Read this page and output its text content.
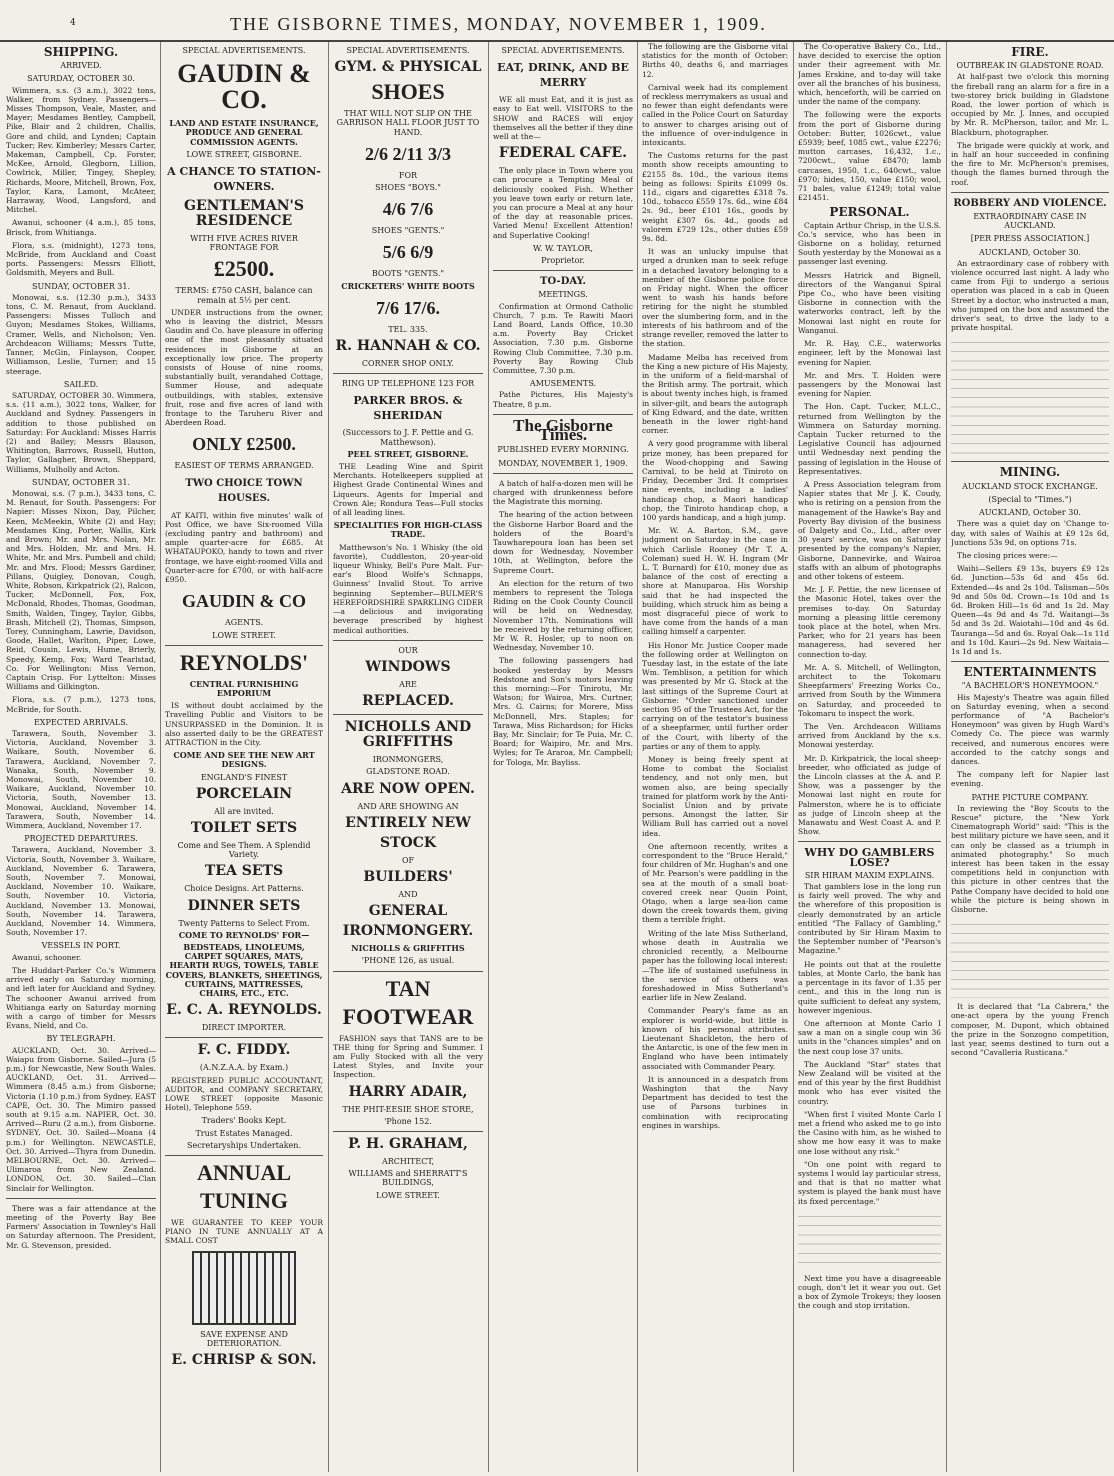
4	THE GISBORNE TIMES, MONDAY, NOVEMBER 1, 1909.
SHIPPING.
ARRIVED.
SATURDAY, OCTOBER 30.

Wimmera, s.s. (3 a.m.), 3022 tons, Walker, from Sydney. Passengers—Misses Thompson, Veale, Master, and Mayer; Mesdames Bentley, Campbell, Pike, Blair and 2 children, Challis, Gore and child, and Lynden; Captain Tucker; Rev. Kimberley; Messrs Carter, Makeman, Campbell, Cp. Forster, McKee, Arnold, Glegborn, Lillion, Cowlrick, Miller, Tingey, Shepley, Richards, Moore, Mitchell, Brown, Fox, Taylor, Kara, Lamont, McAteer, Harraway, Wood, Langsford, and Mitchel.

Awanui, schooner (4 a.m.), 85 tons, Brisck, from Whitianga.

Flora, s.s. (midnight), 1273 tons, McBride, from Auckland and Coast ports. Passengers: Messrs Elliott, Goldsmith, Meyers and Bull.

SUNDAY, OCTOBER 31.

Monowai, s.s. (12.30 p.m.), 3433 tons, C. M. Renaut, from Auckland. Passengers: Misses Tulloch and Guyon; Mesdames Stokes, Williams, Cramer, Wells, and Nicholson; Ven. Archdeacon Williams; Messrs Tutte, Tanner, McGin, Finlayson, Cooper, Williamson, Leslie, Turner; and 15 steerage.

SAILED.

SATURDAY, OCTOBER 30. Wimmera, s.s. (11 a.m.), 3022 tons, Walker, for Auckland and Sydney. Passengers in addition to those published on Saturday: For Auckland: Misses Harris (2) and Bailey; Messrs Blauson, Whitington, Barrows, Russell, Hutton, Taylor, Gallagher, Brown, Sheppard, Williams, Mulholly and Acton.

SUNDAY, OCTOBER 31.

Monowai, s.s. (7 p.m.), 3433 tons, C. M. Renaut, for South. Passengers: For Napier: Misses Nixon, Day, Pilcher, Keen, McMeekin, White (2) and Hay; Mesdames King, Porter, Wallis, Kirk and Brown; Mr. and Mrs. Nolan, Mr. and Mrs. Holden, Mr. and Mrs. H. White, Mr. and Mrs. Pumbell and child; Mr. and Mrs. Flood; Messrs Gardiner, Pillans, Quigley, Donovan, Cough, White, Robson, Kirkpatrick (2), Ralcon, Tucker, McDonnell, Fox, Fox, McDonald, Rhodes, Thomas, Goodman, Smith, Walden, Tingey, Taylor, Gibbs, Brash, Mitchell (2), Thomas, Simpson, Torey, Cunningham, Lawrie, Davidson, Goode, Hallet, Warlton, Piper, Lowe, Reid, Cousin, Lewis, Hume, Brierly, Speedy, Kemp, Fox; Ward Tearlstad, Co. For Wellington: Miss Vernon, Captain Crisp. For Lyttelton: Misses Williams and Gilkington.

Flora, s.s. (7 p.m.), 1273 tons, McBride, for South.

EXPECTED ARRIVALS.

Tarawera, South, November 3. Victoria, Auckland, November 3. Waikare, South, November 6. Tarawera, Auckland, November 7. Wanaka, South, November 9. Monowai, South, November 10. Waikare, Auckland, November 10. Victoria, South, November 13. Monowai, Auckland, November 14. Tarawera, South, November 14. Wimmera, Auckland, November 17.

PROJECTED DEPARTURES.

Tarawera, Auckland, November 3. Victoria, South, November 3. Waikare, Auckland, November 6. Tarawera, South, November 7. Monowai, Auckland, November 10. Waikare, South, November 10. Victoria, Auckland, November 13. Monowai, South, November 14. Tarawera, Auckland, November 14. Wimmera, South, November 17.

VESSELS IN PORT.

Awanui, schooner.

The Huddart-Parker Co.'s Wimmera arrived early on Saturday morning, and left later for Auckland and Sydney. The schooner Awanui arrived from Whitianga early on Saturday morning with a cargo of timber for Messrs Evans, Nield, and Co.

BY TELEGRAPH.

AUCKLAND, Oct. 30. Arrived—Waiapu from Gisborne. Sailed—Jura (5 p.m.) for Newcastle, New South Wales. AUCKLAND, Oct. 31. Arrived—Wimmera (8.45 a.m.) from Gisborne; Victoria (1.10 p.m.) from Sydney. EAST CAPE, Oct. 30. The Mimiro passed south at 9.15 a.m. NAPIER, Oct. 30. Arrived—Ruru (2 a.m.), from Gisborne. SYDNEY, Oct. 30. Sailed—Moana (4 p.m.) for Wellington. NEWCASTLE, Oct. 30. Arrived—Thyra from Dunedin. MELBOURNE, Oct. 30. Arrived—Ulimaroa from New Zealand. LONDON, Oct. 30. Sailed—Clan Sinclair for Wellington.

There was a fair attendance at the meeting of the Poverty Bay Bee Farmers' Association in Townley's Hall on Saturday afternoon. The President, Mr. G. Stevenson, presided.

SPECIAL ADVERTISEMENTS.
GAUDIN & CO.
LAND AND ESTATE INSURANCE, PRODUCE AND GENERAL COMMISSION AGENTS.
LOWE STREET, GISBORNE.
A CHANCE TO STATION-OWNERS.
GENTLEMAN'S RESIDENCE
WITH FIVE ACRES RIVER FRONTAGE FOR
£2500.
TERMS: £750 CASH, balance can remain at 5½ per cent.

UNDER instructions from the owner, who is leaving the district, Messrs Gaudin and Co. have pleasure in offering one of the most pleasantly situated residences in Gisborne at an exceptionally low price. The property consists of House of nine rooms, substantially built, verandahed Cottage, Summer House, and adequate outbuildings, with stables, extensive fruit, rose and five acres of land with frontage to the Taruheru River and Aberdeen Road.

ONLY £2500.
EASIEST OF TERMS ARRANGED.
TWO CHOICE TOWN HOUSES.

AT KAITI, within five minutes' walk of Post Office, we have Six-roomed Villa (excluding pantry and bathroom) and ample quarter-acre for £685. At WHATAUPOKO, handy to town and river frontage, we have eight-roomed Villa and Quarter-acre for £700, or with half-acre £950.

GAUDIN & CO
AGENTS.
LOWE STREET.
REYNOLDS'
CENTRAL FURNISHING EMPORIUM

IS without doubt acclaimed by the Travelling Public and Visitors to be UNSURPASSED in the Dominion. It is also asserted daily to be the GREATEST ATTRACTION in the City.

COME AND SEE THE NEW ART DESIGNS.
ENGLAND'S FINEST
PORCELAIN
All are invited.
TOILET SETS
Come and See Them. A Splendid Variety.
TEA SETS
Choice Designs. Art Patterns.
DINNER SETS
Twenty Patterns to Select From.
COME TO REYNOLDS' FOR—
BEDSTEADS, LINOLEUMS, CARPET SQUARES, MATS, HEARTH RUGS, TOWELS, TABLE COVERS, BLANKETS, SHEETINGS, CURTAINS, MATTRESSES, CHAIRS, ETC., ETC.
E. C. A. REYNOLDS.
DIRECT IMPORTER.
F. C. FIDDY.
(A.N.Z.A.A. by Exam.)

REGISTERED PUBLIC ACCOUNTANT, AUDITOR, and COMPANY SECRETARY, LOWE STREET (opposite Masonic Hotel), Telephone 559.

Traders' Books Kept.
Trust Estates Managed.
Secretaryships Undertaken.
ANNUAL
TUNING

WE GUARANTEE TO KEEP YOUR PIANO IN TUNE ANNUALLY AT A SMALL COST

SAVE EXPENSE AND DETERIORATION.
E. CHRISP & SON.
SPECIAL ADVERTISEMENTS.
GYM. & PHYSICAL
SHOES
THAT WILL NOT SLIP ON THE GARRISON HALL FLOOR JUST TO HAND.
2/6 2/11 3/3
FOR
SHOES "BOYS."
4/6 7/6
SHOES "GENTS."
5/6 6/9
BOOTS "GENTS."
CRICKETERS' WHITE BOOTS
7/6 17/6.
TEL. 335.
R. HANNAH & CO.
CORNER SHOP ONLY.
RING UP TELEPHONE 123 FOR
PARKER BROS. & SHERIDAN
(Successors to J. F. Pettie and G. Matthewson).
PEEL STREET, GISBORNE.

THE Leading Wine and Spirit Merchants. Hotelkeepers supplied at Highest Grade Continental Wines and Liqueurs. Agents for Imperial and Crown Ale; Rondura Teas—Full stocks of all leading lines.

SPECIALITIES FOR HIGH-CLASS TRADE.

Matthewson's No. 1 Whisky (the old favorite), Cuddleston, 20-year-old liqueur Whisky, Bell's Pure Malt. Fur-ear's Blood Wolfe's Schnapps, Guinness' Invalid Stout. To arrive beginning September—BULMER'S HEREFORDSHIRE SPARKLING CIDER—a delicious and invigorating beverage prescribed by highest medical authorities.

OUR
WINDOWS
ARE
REPLACED.
NICHOLLS AND GRIFFITHS
IRONMONGERS,
GLADSTONE ROAD.
ARE NOW OPEN.
AND ARE SHOWING AN
ENTIRELY NEW
STOCK
OF
BUILDERS'
AND
GENERAL
IRONMONGERY.
NICHOLLS & GRIFFITHS
'PHONE 126, as usual.
TAN
FOOTWEAR

FASHION says that TANS are to be THE thing for Spring and Summer. I am Fully Stocked with all the very Latest Styles, and Invite your Inspection.

HARRY ADAIR,
THE PHIT-EESIE SHOE STORE,
'Phone 152.
P. H. GRAHAM,
ARCHITECT,
WILLIAMS and SHERRATT'S BUILDINGS,
LOWE STREET.
SPECIAL ADVERTISEMENTS.
EAT, DRINK, AND BE MERRY

WE all must Eat, and it is just as easy to Eat well. VISITORS to the SHOW and RACES will enjoy themselves all the better if they dine well at the—

FEDERAL CAFE.

The only place in Town where you can procure a Tempting Meal of deliciously cooked Fish. Whether you leave town early or return late, you can procure a Meal at any hour of the day at reasonable prices. Varied Menu! Excellent Attention! and Superlative Cooking!

W. W. TAYLOR,
Proprietor.
TO-DAY.
MEETINGS.

Confirmation at Ormond Catholic Church, 7 p.m. Te Rawiti Maori Land Board, Lands Office, 10.30 a.m. Poverty Bay Cricket Association, 7.30 p.m. Gisborne Rowing Club Committee, 7.30 p.m. Poverty Bay Rowing Club Committee, 7.30 p.m.

AMUSEMENTS.

Pathe Pictures, His Majesty's Theatre, 8 p.m.

The Gisborne Times.
PUBLISHED EVERY MORNING.
MONDAY, NOVEMBER 1, 1909.

A batch of half-a-dozen men will be charged with drunkenness before the Magistrate this morning.

The hearing of the action between the Gisborne Harbor Board and the holders of the Board's Tauwharepoura loan has been set down for Wednesday, November 10th, at Wellington, before the Supreme Court.

An election for the return of two members to represent the Tologa Riding on the Cook County Council will be held on Wednesday, November 17th. Nominations will be received by the returning officer, Mr W. R. Hosler, up to noon on Wednesday, November 10.

The following passengers had booked yesterday by Messrs Redstone and Son's motors leaving this morning:—For Tinirotu, Mr. Watson; for Wairoa, Mrs. Curtner, Mrs. G. Cairns; for Morere, Miss McDonnell, Mrs. Staples; for Tarawa, Miss Richardson; for Hicks Bay, Mr. Sinclair; for Te Puia, Mr. C. Board; for Waipiro, Mr. and Mrs. Wyles; for Te Araroa, Mr. Campbell; for Tologa, Mr. Bayliss.

The following are the Gisborne vital statistics for the month of October: Births 40, deaths 6, and marriages 12.

Carnival week had its complement of reckless merrymakers as usual and no fewer than eight defendants were called in the Police Court on Saturday to answer to charges arising out of the influence of over-indulgence in intoxicants.

The Customs returns for the past month show receipts amounting to £2155 8s. 10d., the various items being as follows: Spirits £1099 0s. 11d., cigars and cigarettes £318 7s. 10d., tobacco £559 17s. 6d., wine £84 2s. 9d., beer £101 16s., goods by weight £307 6s. 4d., goods ad valorem £729 12s., other duties £59 9s. 8d.

It was an unlucky impulse that urged a drunken man to seek refuge in a detached lavatory belonging to a member of the Gisborne police force on Friday night. When the officer went to wash his hands before retiring for the night he stumbled over the slumbering form, and in the interests of his bathroom and of the strange reveller, removed the latter to the station.

Madame Melba has received from the King a new picture of His Majesty, in the uniform of a field-marshal of the British army. The portrait, which is about twenty inches high, is framed in silver-gilt, and bears the autograph of King Edward, and the date, written beneath in the lower right-hand corner.

A very good programme with liberal prize money, has been prepared for the Wood-chopping and Sawing Carnival, to be held at Tiniroto on Friday, December 3rd. It comprises nine events, including a ladies' handicap chop, a Maori handicap chop, the Tiniroto handicap chop, a 100 yards handicap, and a high jump.

Mr. W. A. Barton, S.M., gave judgment on Saturday in the case in which Carlisle Rooney (Mr T. A. Coleman) sued H. W. H. Ingram (Mr L. T. Burnard) for £10, money due as balance of the cost of erecting a shore at Manuparoa. His Worship said that he had inspected the building, which struck him as being a most disgraceful piece of work to have come from the hands of a man calling himself a carpenter.

His Honor Mr. Justice Cooper made the following order at Wellington on Tuesday last, in the estate of the late Wm. Temblison, a petition for which was presented by Mr G. Stock at the last sittings of the Supreme Court at Gisborne: "Order sanctioned under section 95 of the Trustees Act, for the carrying on of the testator's business of a sheepfarmer, until further order of the Court, with liberty of the parties or any of them to apply.

Money is being freely spent at Home to combat the Socialist tendency, and not only men, but women also, are being specially trained for platform work by the Anti-Socialist Union and by private persons. Amongst the latter, Sir William Bull has carried out a novel idea.

One afternoon recently, writes a correspondent to the "Bruce Herald," four children of Mr. Hughan's and one of Mr. Pearson's were paddling in the sea at the mouth of a small boat-covered creek near Quoin Point, Otago, when a large sea-lion came down the creek towards them, giving them a terrible fright.

Writing of the late Miss Sutherland, whose death in Australia we chronicled recently, a Melbourne paper has the following local interest:—The life of sustained usefulness in the service of others was foreshadowed in Miss Sutherland's earlier life in New Zealand.

Commander Peary's fame as an explorer is world-wide, but little is known of his personal attributes. Lieutenant Shackleton, the hero of the Antarctic, is one of the few men in England who have been intimately associated with Commander Peary.

It is announced in a despatch from Washington that the Navy Department has decided to test the use of Parsons turbines in combination with reciprocating engines in warships.

The Co-operative Bakery Co., Ltd., have decided to exercise the option under their agreement with Mr. James Erskine, and to-day will take over all the branches of his business, which, henceforth, will be carried on under the name of the company.

The following were the exports from the port of Gisborne during October: Butter, 1026cwt., value £5939; beef, 1085 cwt., value £2276; mutton carcases, 16,432, 1.c., 7200cwt., value £8470; lamb carcases, 1950, 1.c., 640cwt., value £970; hides, 150, value £150; wool, 71 bales, value £1249; total value £21451.

PERSONAL.

Captain Arthur Chrisp, in the U.S.S. Co.'s service, who has been in Gisborne on a holiday, returned South yesterday by the Monowai as a passenger last evening.

Messrs Hatrick and Bignell, directors of the Wanganui Spiral Pipe Co., who have been visiting Gisborne in connection with the waterworks contract, left by the Monowai last night en route for Wanganui.

Mr. R. Hay, C.E., waterworks engineer, left by the Monowai last evening for Napier.

Mr. and Mrs. T. Holden were passengers by the Monowai last evening for Napier.

The Hon. Capt. Tucker, M.L.C., returned from Wellington by the Wimmera on Saturday morning. Captain Tucker returned to the Legislative Council has adjourned until Wednesday next pending the passing of legislation in the House of Representatives.

A Press Association telegram from Napier states that Mr J. K. Coudy, who is retiring on a pension from the management of the Hawke's Bay and Poverty Bay division of the business of Dalgety and Co., Ltd., after over 30 years' service, was on Saturday presented by the company's Napier, Gisborne, Dannevirke, and Wairoa staffs with an album of photographs and other tokens of esteem.

Mr. J. F. Pettie, the new licensee of the Masonic Hotel, takes over the premises to-day. On Saturday morning a pleasing little ceremony took place at the hotel, when Mrs. Parker, who for 21 years has been manageress, had severed her connection to-day.

Mr. A. S. Mitchell, of Wellington, architect to the Tokomaru Sheepfarmers' Freezing Works Co., arrived from South by the Wimmera on Saturday, and proceeded to Tokomaru to inspect the work.

The Ven. Archdeacon Williams arrived from Auckland by the s.s. Monowai yesterday.

Mr. D. Kirkpatrick, the local sheep-breeder, who officiated as judge of the Lincoln classes at the A. and P. Show, was a passenger by the Monowai last night en route for Palmerston, where he is to officiate as judge of Lincoln sheep at the Manawatu and West Coast A. and P. Show.

WHY DO GAMBLERS LOSE?
SIR HIRAM MAXIM EXPLAINS.

That gamblers lose in the long run is fairly well proved. The why and the wherefore of this proposition is clearly demonstrated by an article entitled "The Fallacy of Gambling," contributed by Sir Hiram Maxim to the September number of "Pearson's Magazine."

He points out that at the roulette tables, at Monte Carlo, the bank has a percentage in its favor of 1.35 per cent., and this in the long run is quite sufficient to defeat any system, however ingenious.

One afternoon at Monte Carlo I saw a man on a single coup win 36 units in the "chances simples" and on the next coup lose 37 units.

The Auckland "Star" states that New Zealand will be visited at the end of this year by the first Buddhist monk who has ever visited the country.

"When first I visited Monte Carlo I met a friend who asked me to go into the Casino with him, as he wished to show me how easy it was to make one lose without any risk."

"On one point with regard to systems I would lay particular stress, and that is that no matter what system is played the bank must have its fixed percentage."

Next time you have a disagreeable cough, don't let it wear you out. Get a box of Zymole Trokeys; they loosen the cough and stop irritation.

FIRE.
OUTBREAK IN GLADSTONE ROAD.

At half-past two o'clock this morning the fireball rang an alarm for a fire in a two-storey brick building in Gladstone Road, the lower portion of which is occupied by Mr. J. Innes, and occupied by Mr. R. McPherson, tailor, and Mr. L. Blackburn, photographer.

The brigade were quickly at work, and in half an hour succeeded in confining the fire to Mr. McPherson's premises, though the flames burned through the roof.

ROBBERY AND VIOLENCE.
EXTRAORDINARY CASE IN AUCKLAND.
[PER PRESS ASSOCIATION.]
AUCKLAND, October 30.

An extraordinary case of robbery with violence occurred last night. A lady who came from Fiji to undergo a serious operation was placed in a cab in Queen Street by a doctor, who instructed a man, who jumped on the box and assumed the driver's seat, to drive the lady to a private hospital.

MINING.
AUCKLAND STOCK EXCHANGE.
(Special to "Times.")
AUCKLAND, October 30.

There was a quiet day on 'Change to-day, with sales of Waihis at £9 12s 6d, Junctions 53s 9d, on options 71s.

The closing prices were:—

Waihi—Sellers £9 13s, buyers £9 12s 6d. Junction—53s 6d and 45s 6d. Extended—4s and 2s 10d. Talisman—50s 9d and 50s 0d. Crown—1s 10d and 1s 6d. Broken Hill—1s 6d and 1s 2d. May Queen—4s 9d and 4s 7d. Waitangi—3s 5d and 3s 2d. Waiotahi—10d and 4s 6d. Tauranga—5d and 6s. Royal Oak—1s 11d and 1s 10d. Kauri—2s 9d. New Waitaia—1s 1d and 1s.

ENTERTAINMENTS
"A BACHELOR'S HONEYMOON."

His Majesty's Theatre was again filled on Saturday evening, when a second performance of "A Bachelor's Honeymoon" was given by Hugh Ward's Comedy Co. The piece was warmly received, and numerous encores were accorded to the catchy songs and dances.

The company left for Napier last evening.

PATHE PICTURE COMPANY.

In reviewing the "Boy Scouts to the Rescue" picture, the "New York Cinematograph World" said: "This is the best military picture we have seen, and it can only be classed as a triumph in animated photography." So much interest has been taken in the essay competitions held in conjunction with this picture in other centres that the Pathe Company have decided to hold one while the picture is being shown in Gisborne.

It is declared that "La Cabrera," the one-act opera by the young French composer, M. Dupont, which obtained the prize in the Sonzogno competition, last year, seems destined to turn out a second "Cavalleria Rusticana."
